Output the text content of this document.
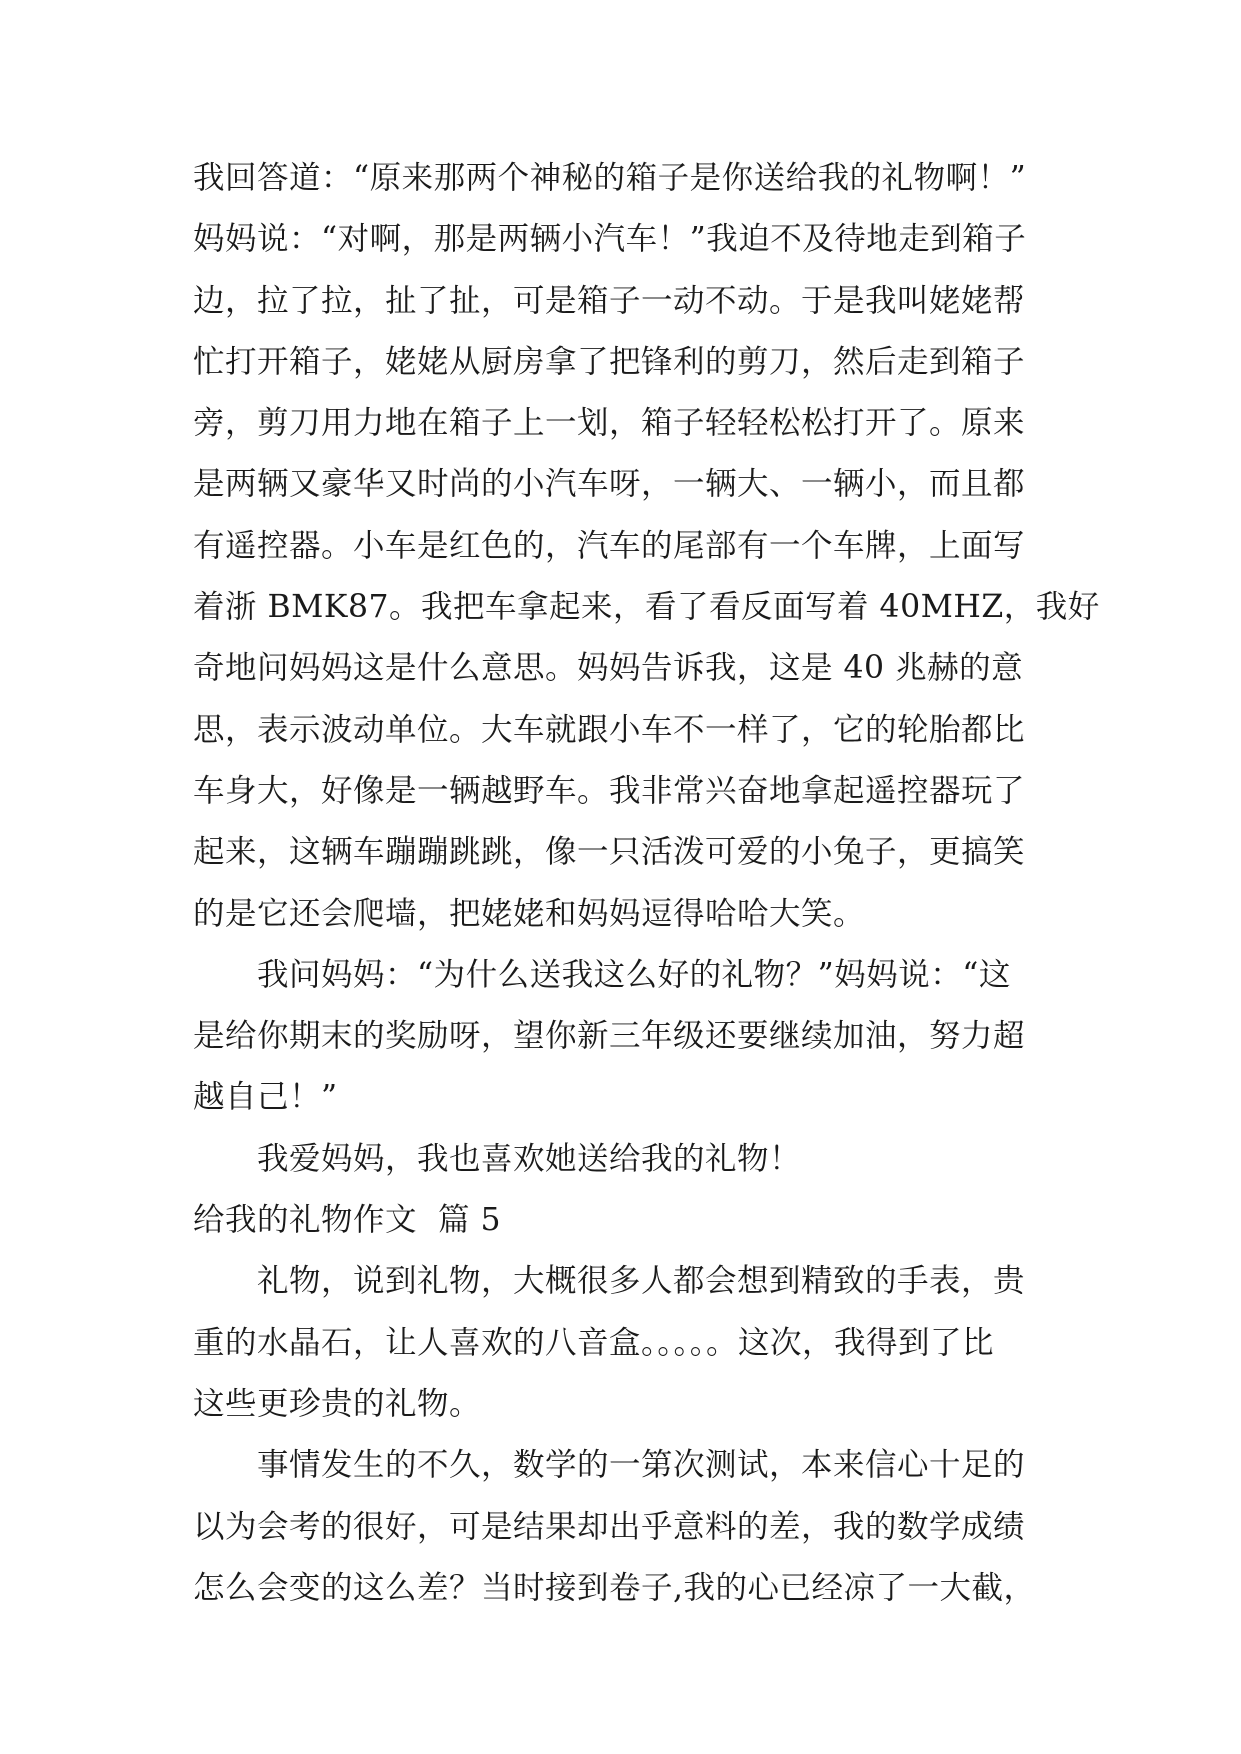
我回答道：“原来那两个神秘的箱子是你送给我的礼物啊！”
妈妈说：“对啊，那是两辆小汽车！”我迫不及待地走到箱子
边，拉了拉，扯了扯，可是箱子一动不动。于是我叫姥姥帮
忙打开箱子，姥姥从厨房拿了把锋利的剪刀，然后走到箱子
旁，剪刀用力地在箱子上一划，箱子轻轻松松打开了。原来
是两辆又豪华又时尚的小汽车呀，一辆大、一辆小，而且都
有遥控器。小车是红色的，汽车的尾部有一个车牌，上面写
着浙 BMK87。我把车拿起来，看了看反面写着 40MHZ，我好
奇地问妈妈这是什么意思。妈妈告诉我，这是 40 兆赫的意
思，表示波动单位。大车就跟小车不一样了，它的轮胎都比
车身大，好像是一辆越野车。我非常兴奋地拿起遥控器玩了
起来，这辆车蹦蹦跳跳，像一只活泼可爱的小兔子，更搞笑
的是它还会爬墙，把姥姥和妈妈逗得哈哈大笑。

我问妈妈：“为什么送我这么好的礼物？”妈妈说：“这
是给你期末的奖励呀，望你新三年级还要继续加油，努力超
越自己！”

我爱妈妈，我也喜欢她送给我的礼物！

给我的礼物作文  篇 5

礼物，说到礼物，大概很多人都会想到精致的手表，贵
重的水晶石，让人喜欢的八音盒。。。。。这次，我得到了比
这些更珍贵的礼物。

事情发生的不久，数学的一第次测试，本来信心十足的
以为会考的很好，可是结果却出乎意料的差，我的数学成绩
怎么会变的这么差？当时接到卷子,我的心已经凉了一大截，
